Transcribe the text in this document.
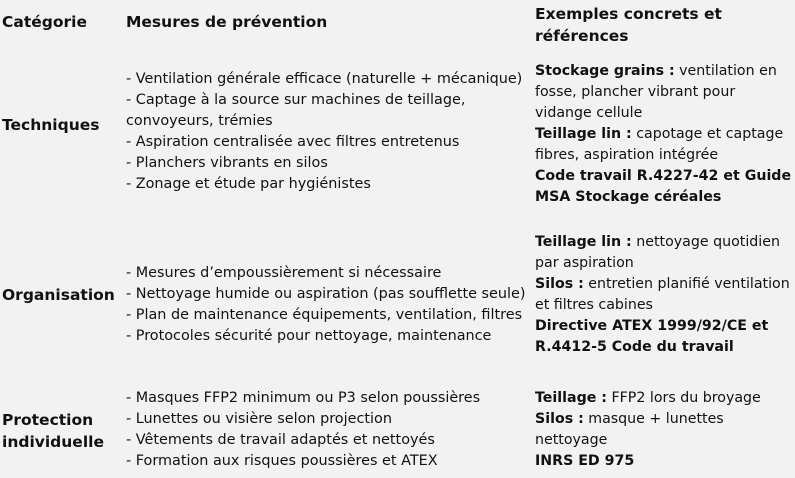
Catégorie	Mesures de prévention	Exemples concrets et références
Techniques
- Ventilation générale efficace (naturelle + mécanique)
- Captage à la source sur machines de teillage,
convoyeurs, trémies
- Aspiration centralisée avec filtres entretenus
- Planchers vibrants en silos
- Zonage et étude par hygiénistes
Stockage grains : ventilation en fosse, plancher vibrant pour vidange cellule
Teillage lin : capotage et captage fibres, aspiration intégrée
Code travail R.4227-42 et Guide MSA Stockage céréales
Organisation
- Mesures d’empoussièrement si nécessaire
- Nettoyage humide ou aspiration (pas soufflette seule)
- Plan de maintenance équipements, ventilation, filtres
- Protocoles sécurité pour nettoyage, maintenance
Teillage lin : nettoyage quotidien par aspiration
Silos : entretien planifié ventilation et filtres cabines
Directive ATEX 1999/92/CE et R.4412-5 Code du travail
Protection
individuelle
- Masques FFP2 minimum ou P3 selon poussières
- Lunettes ou visière selon projection
- Vêtements de travail adaptés et nettoyés
- Formation aux risques poussières et ATEX
Teillage : FFP2 lors du broyage
Silos : masque + lunettes nettoyage
INRS ED 975
